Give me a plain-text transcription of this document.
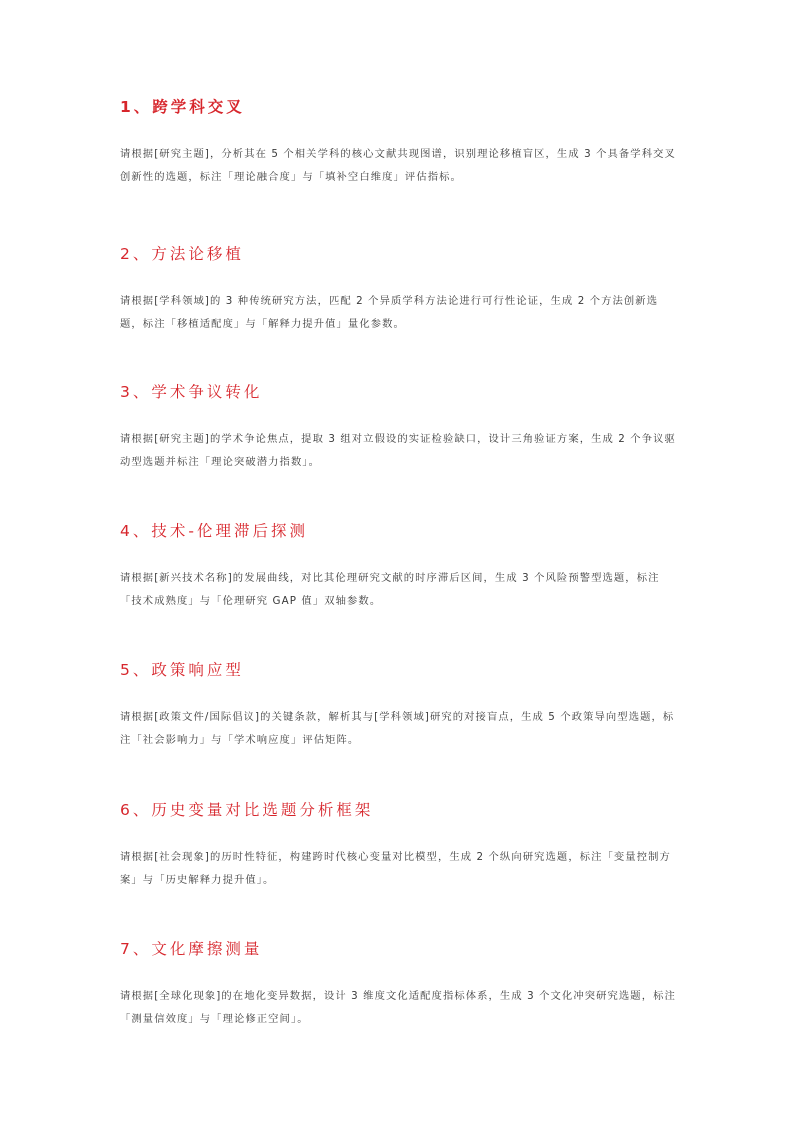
1、跨学科交叉

请根据[研究主题]，分析其在 5 个相关学科的核心文献共现图谱，识别理论移植盲区，生成 3 个具备学科交叉创新性的选题，标注「理论融合度」与「填补空白维度」评估指标。

2、方法论移植

请根据[学科领域]的 3 种传统研究方法，匹配 2 个异质学科方法论进行可行性论证，生成 2 个方法创新选题，标注「移植适配度」与「解释力提升值」量化参数。

3、学术争议转化

请根据[研究主题]的学术争论焦点，提取 3 组对立假设的实证检验缺口，设计三角验证方案，生成 2 个争议驱动型选题并标注「理论突破潜力指数」。

4、技术-伦理滞后探测

请根据[新兴技术名称]的发展曲线，对比其伦理研究文献的时序滞后区间，生成 3 个风险预警型选题，标注「技术成熟度」与「伦理研究 GAP 值」双轴参数。

5、政策响应型

请根据[政策文件/国际倡议]的关键条款，解析其与[学科领域]研究的对接盲点，生成 5 个政策导向型选题，标注「社会影响力」与「学术响应度」评估矩阵。

6、历史变量对比选题分析框架

请根据[社会现象]的历时性特征，构建跨时代核心变量对比模型，生成 2 个纵向研究选题，标注「变量控制方案」与「历史解释力提升值」。

7、文化摩擦测量

请根据[全球化现象]的在地化变异数据，设计 3 维度文化适配度指标体系，生成 3 个文化冲突研究选题，标注「测量信效度」与「理论修正空间」。
